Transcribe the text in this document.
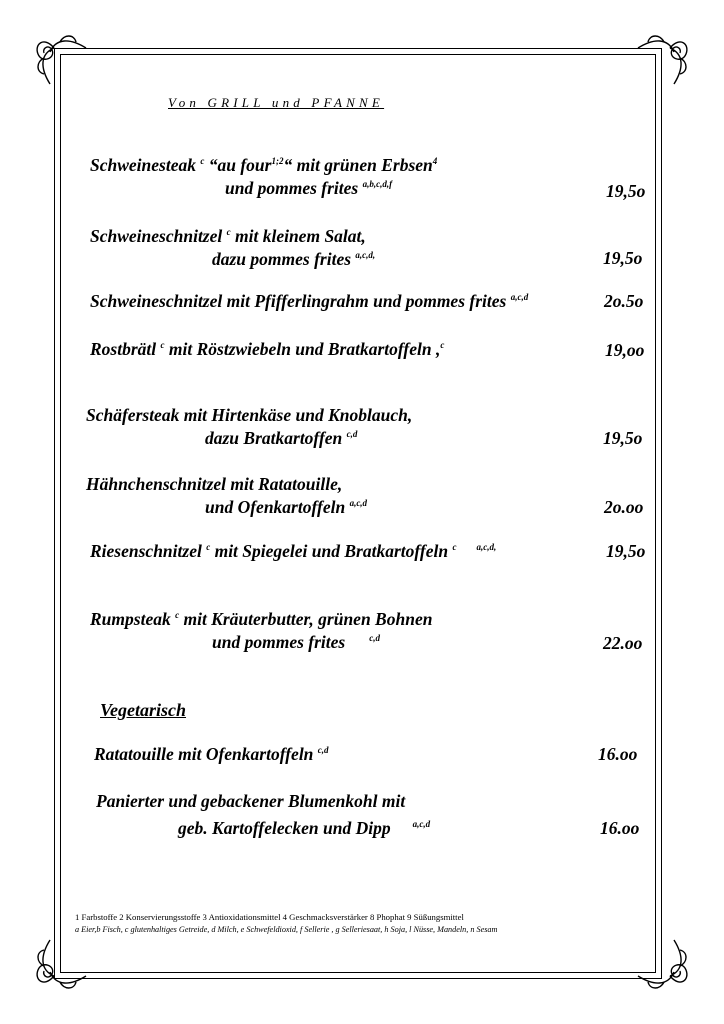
Von GRILL und PFANNE
Schweinesteak $^c$ “au four$^{1;2}$“ mit grünen Erbsen$^4$
und pommes frites $^{a,b,c,d,f}$	19,5o
Schweineschnitzel $^c$ mit kleinem Salat,
dazu pommes frites $^{a,c,d,}$	19,5o
Schweineschnitzel mit Pfifferlingrahm und pommes frites $^{a,c,d}$	2o.5o
Rostbrätl $^c$ mit Röstzwiebeln und Bratkartoffeln ,$^c$	19,oo
Schäfersteak mit Hirtenkäse und Knoblauch,
dazu Bratkartoffen $^{c,d}$	19,5o
Hähnchenschnitzel mit Ratatouille,
und Ofenkartoffeln $^{a,c,d}$	2o.oo
Riesenschnitzel $^c$ mit Spiegelei und Bratkartoffeln $^c$ $^{a,c,d,}$	19,5o
Rumpsteak $^c$ mit Kräuterbutter, grünen Bohnen
und pommes frites	$^{c,d}$	22.oo
Vegetarisch
Ratatouille mit Ofenkartoffeln $^{c,d}$	16.oo
Panierter und gebackener Blumenkohl mit
geb. Kartoffelecken und Dipp $^{a,c,d}$	16.oo
1 Farbstoffe 2 Konservierungsstoffe 3 Antioxidationsmittel 4 Geschmacksverstärker 8 Phophat 9 Süßungsmittel
a Eier,b Fisch, c glutenhaltiges Getreide, d Milch, e Schwefeldioxid, f Sellerie , g Selleriesaat, h Soja, l Nüsse, Mandeln, n Sesam
